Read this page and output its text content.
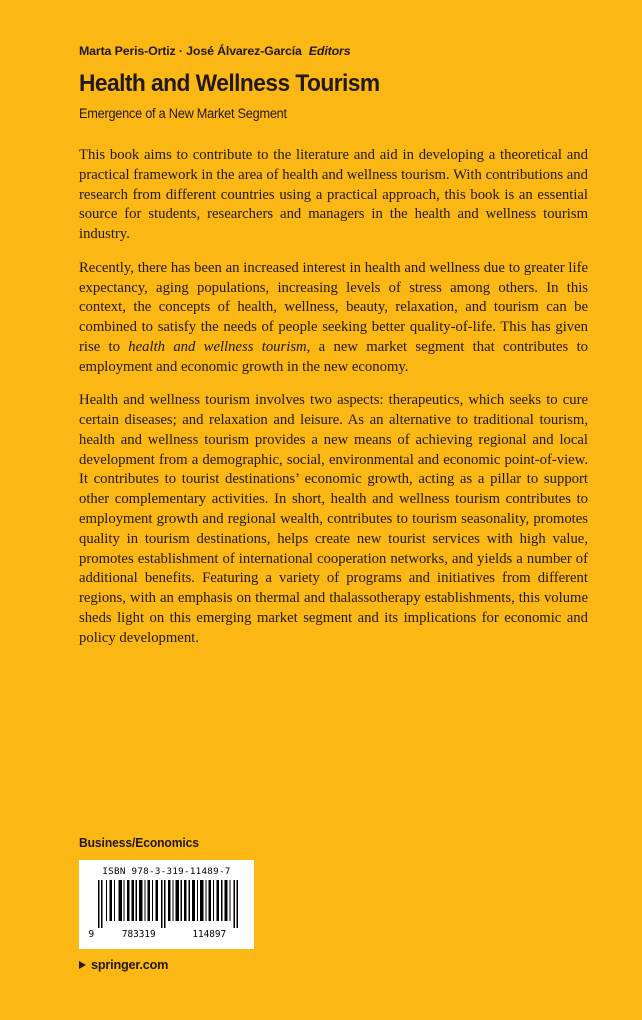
Marta Peris-Ortiz · José Álvarez-García Editors
Health and Wellness Tourism
Emergence of a New Market Segment

This book aims to contribute to the literature and aid in developing a theoretical and practical framework in the area of health and wellness tourism. With contributions and research from different countries using a practical approach, this book is an essential source for students, researchers and managers in the health and wellness tourism industry.

Recently, there has been an increased interest in health and wellness due to greater life expectancy, aging populations, increasing levels of stress among others. In this context, the concepts of health, wellness, beauty, relaxation, and tourism can be combined to satisfy the needs of people seeking better quality-of-life. This has given rise to health and wellness tourism, a new market segment that contributes to employment and economic growth in the new economy.

Health and wellness tourism involves two aspects: therapeutics, which seeks to cure certain diseases; and relaxation and leisure. As an alternative to traditional tourism, health and wellness tourism provides a new means of achieving regional and local development from a demographic, social, environmental and economic point-of-view. It contributes to tourist destinations’ economic growth, acting as a pillar to support other complementary activities. In short, health and wellness tourism contributes to employment growth and regional wealth, contributes to tourism seasonality, promotes quality in tourism destinations, helps create new tourist services with high value, promotes establishment of international cooperation networks, and yields a number of additional benefits. Featuring a variety of programs and initiatives from different regions, with an emphasis on thermal and thalassotherapy establishments, this volume sheds light on this emerging market segment and its implications for economic and policy development.

Business/Economics
ISBN 978-3-319-11489-7
9	783319	114897
springer.com
